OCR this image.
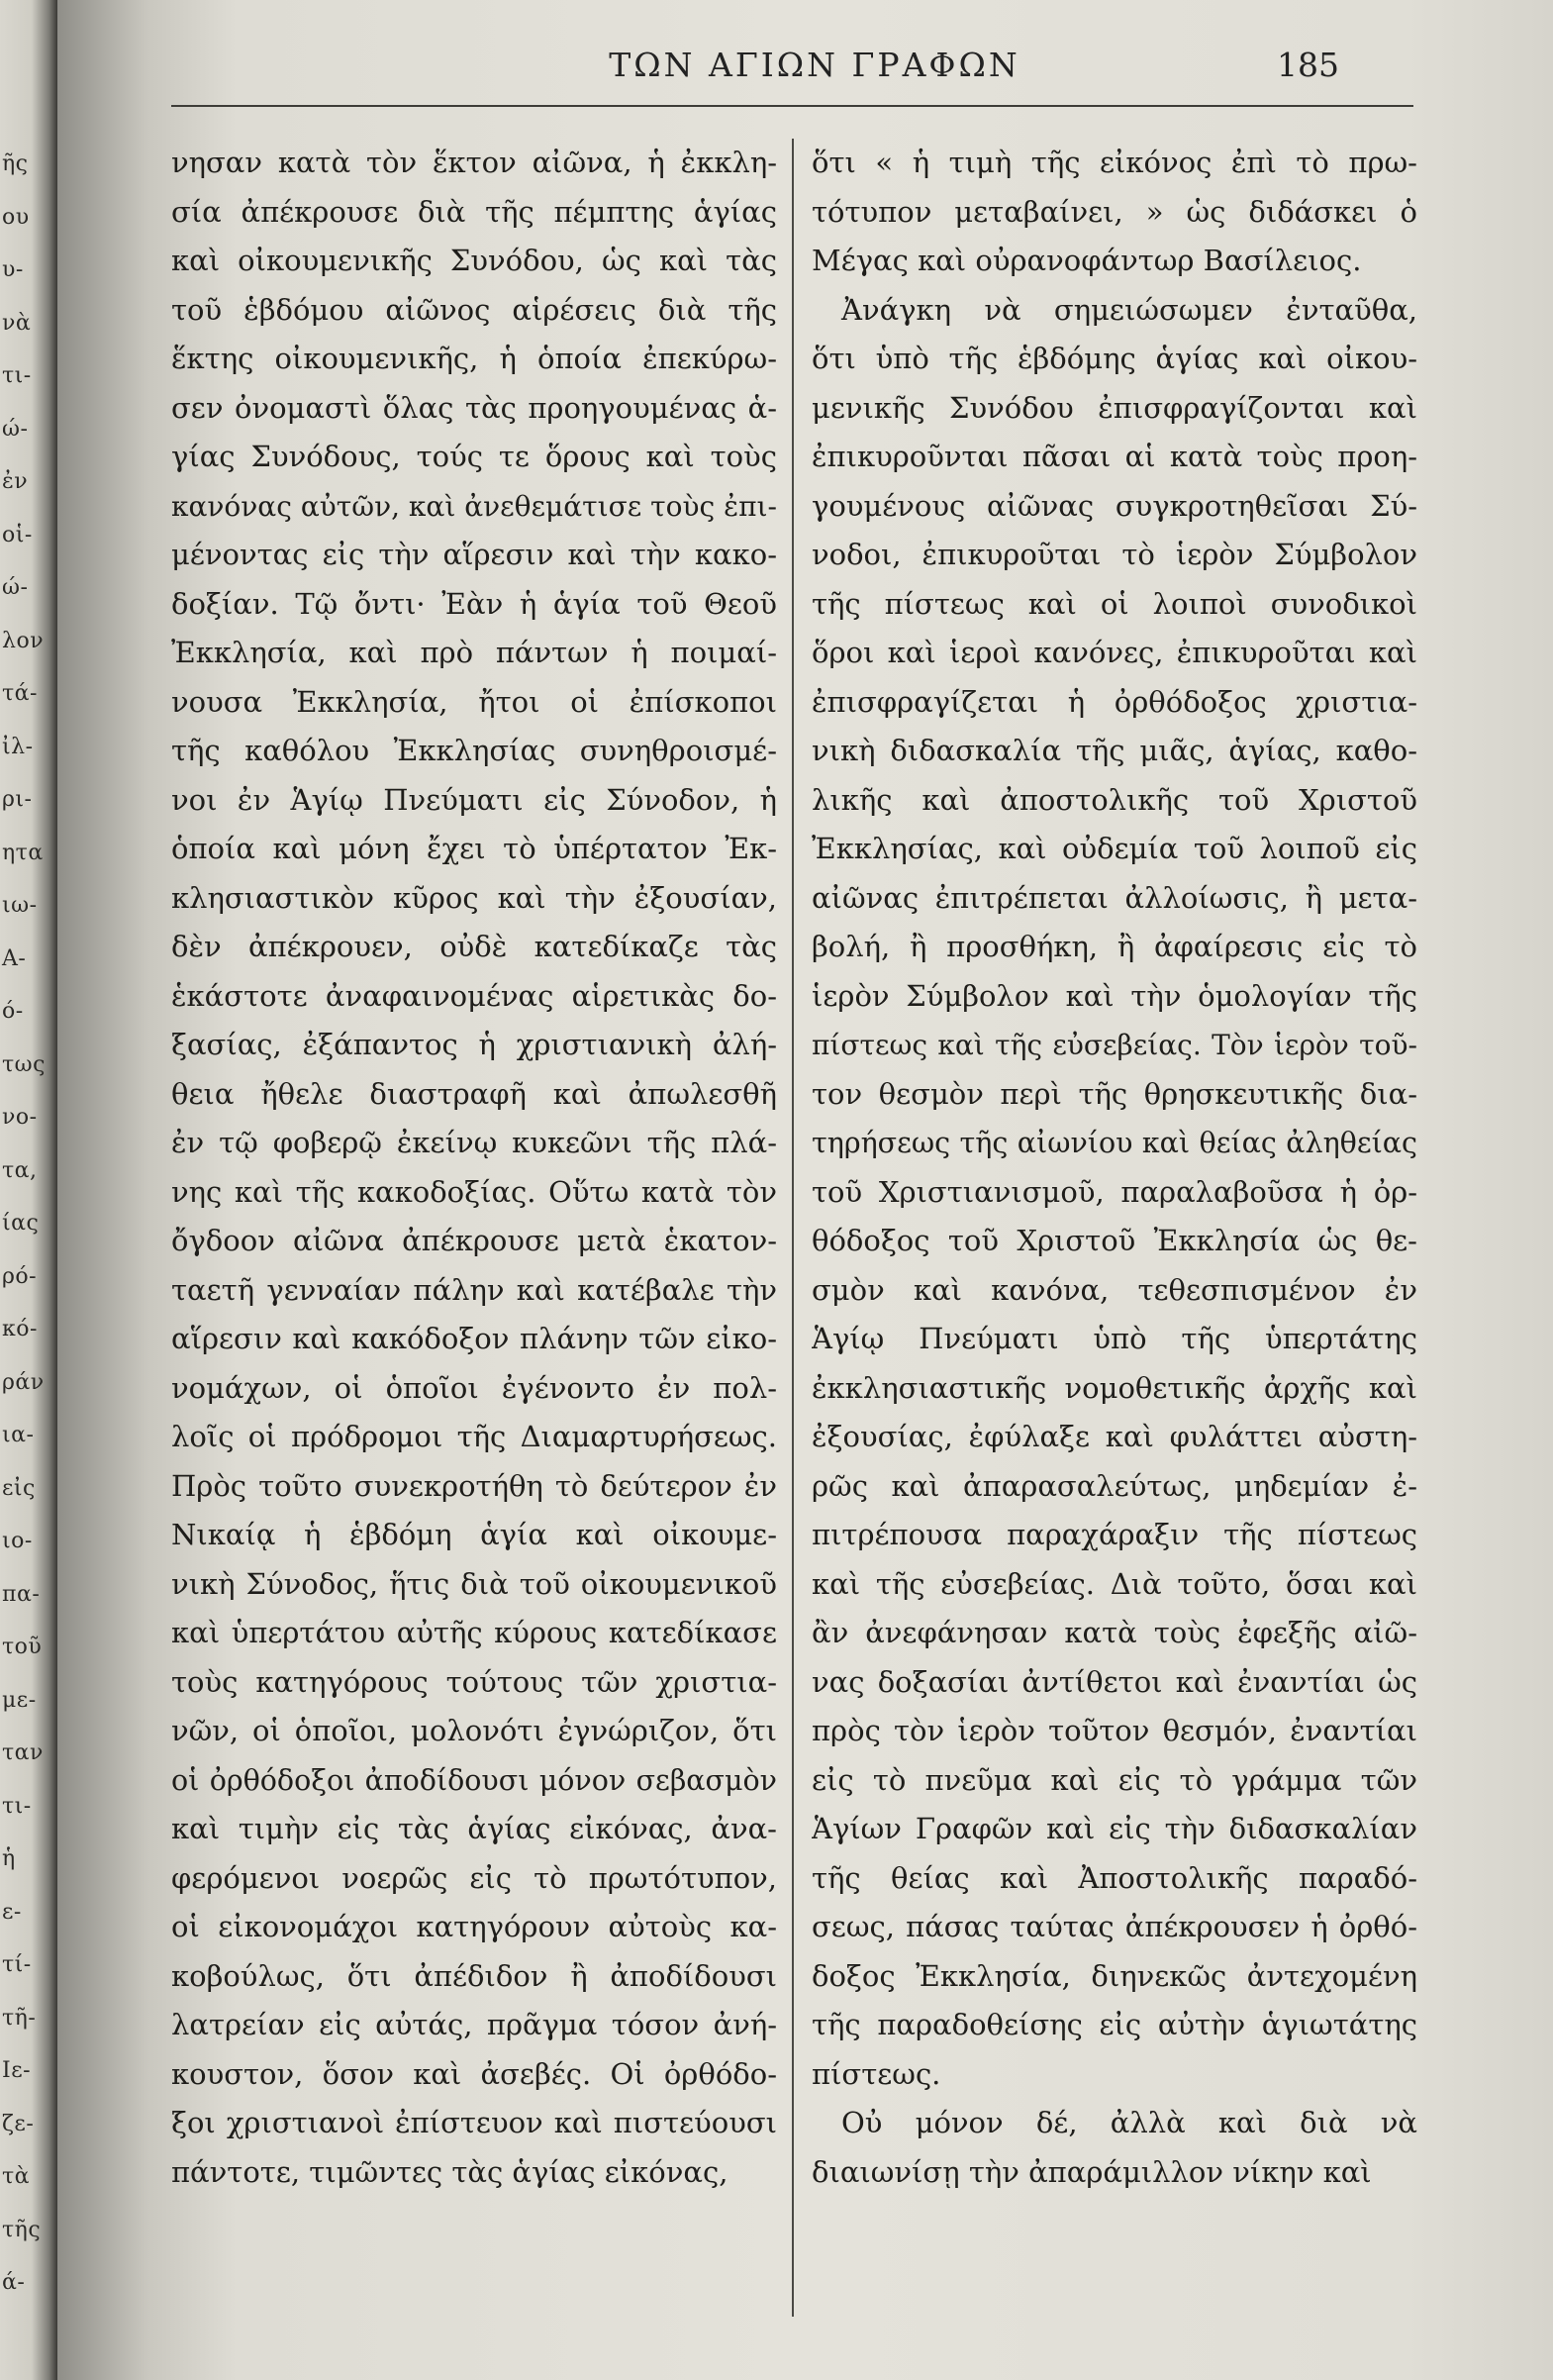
ῆς
ου
υ-
νὰ
τι-
ώ-
ἐν
οἱ-
ώ-
λον
τά-
ἰλ-
ρι-
ητα
ιω-
Α-
ό-
τως
νο-
τα,
ίας
ρό-
κό-
ράν
ια-
εἰς
ιο-
πα-
τοῦ
με-
ταν
τι-
ἡ
ε-
τί-
τῆ-
Ιε-
ζε-
τὰ
τῆς
ά-
ΤΩΝ ΑΓΙΩΝ ΓΡΑΦΩΝ	185
νησαν κατὰ τὸν ἕκτον αἰῶνα, ἡ ἐκκλη-
σία ἀπέκρουσε διὰ τῆς πέμπτης ἁγίας
καὶ οἰκουμενικῆς Συνόδου, ὡς καὶ τὰς
τοῦ ἑβδόμου αἰῶνος αἱρέσεις διὰ τῆς
ἕκτης οἰκουμενικῆς, ἡ ὁποία ἐπεκύρω-
σεν ὀνομαστὶ ὅλας τὰς προηγουμένας ἁ-
γίας Συνόδους, τούς τε ὅρους καὶ τοὺς
κανόνας αὐτῶν, καὶ ἀνεθεμάτισε τοὺς ἐπι-
μένοντας εἰς τὴν αἵρεσιν καὶ τὴν κακο-
δοξίαν. Τῷ ὄντι· Ἐὰν ἡ ἁγία τοῦ Θεοῦ
Ἐκκλησία, καὶ πρὸ πάντων ἡ ποιμαί-
νουσα Ἐκκλησία, ἤτοι οἱ ἐπίσκοποι
τῆς καθόλου Ἐκκλησίας συνηθροισμέ-
νοι ἐν Ἁγίῳ Πνεύματι εἰς Σύνοδον, ἡ
ὁποία καὶ μόνη ἔχει τὸ ὑπέρτατον Ἐκ-
κλησιαστικὸν κῦρος καὶ τὴν ἐξουσίαν,
δὲν ἀπέκρουεν, οὐδὲ κατεδίκαζε τὰς
ἑκάστοτε ἀναφαινομένας αἱρετικὰς δο-
ξασίας, ἐξάπαντος ἡ χριστιανικὴ ἀλή-
θεια ἤθελε διαστραφῆ καὶ ἀπωλεσθῆ
ἐν τῷ φοβερῷ ἐκείνῳ κυκεῶνι τῆς πλά-
νης καὶ τῆς κακοδοξίας. Οὕτω κατὰ τὸν
ὄγδοον αἰῶνα ἀπέκρουσε μετὰ ἑκατον-
ταετῆ γενναίαν πάλην καὶ κατέβαλε τὴν
αἵρεσιν καὶ κακόδοξον πλάνην τῶν εἰκο-
νομάχων, οἱ ὁποῖοι ἐγένοντο ἐν πολ-
λοῖς οἱ πρόδρομοι τῆς Διαμαρτυρήσεως.
Πρὸς τοῦτο συνεκροτήθη τὸ δεύτερον ἐν
Νικαίᾳ ἡ ἑβδόμη ἁγία καὶ οἰκουμε-
νικὴ Σύνοδος, ἥτις διὰ τοῦ οἰκουμενικοῦ
καὶ ὑπερτάτου αὐτῆς κύρους κατεδίκασε
τοὺς κατηγόρους τούτους τῶν χριστια-
νῶν, οἱ ὁποῖοι, μολονότι ἐγνώριζον, ὅτι
οἱ ὀρθόδοξοι ἀποδίδουσι μόνον σεβασμὸν
καὶ τιμὴν εἰς τὰς ἁγίας εἰκόνας, ἀνα-
φερόμενοι νοερῶς εἰς τὸ πρωτότυπον,
οἱ εἰκονομάχοι κατηγόρουν αὐτοὺς κα-
κοβούλως, ὅτι ἀπέδιδον ἢ ἀποδίδουσι
λατρείαν εἰς αὐτάς, πρᾶγμα τόσον ἀνή-
κουστον, ὅσον καὶ ἀσεβές. Οἱ ὀρθόδο-
ξοι χριστιανοὶ ἐπίστευον καὶ πιστεύουσι
πάντοτε, τιμῶντες τὰς ἁγίας εἰκόνας,
ὅτι « ἡ τιμὴ τῆς εἰκόνος ἐπὶ τὸ πρω-
τότυπον μεταβαίνει, » ὡς διδάσκει ὁ
Μέγας καὶ οὐρανοφάντωρ Βασίλειος.
Ἀνάγκη νὰ σημειώσωμεν ἐνταῦθα,
ὅτι ὑπὸ τῆς ἑβδόμης ἁγίας καὶ οἰκου-
μενικῆς Συνόδου ἐπισφραγίζονται καὶ
ἐπικυροῦνται πᾶσαι αἱ κατὰ τοὺς προη-
γουμένους αἰῶνας συγκροτηθεῖσαι Σύ-
νοδοι, ἐπικυροῦται τὸ ἱερὸν Σύμβολον
τῆς πίστεως καὶ οἱ λοιποὶ συνοδικοὶ
ὅροι καὶ ἱεροὶ κανόνες, ἐπικυροῦται καὶ
ἐπισφραγίζεται ἡ ὀρθόδοξος χριστια-
νικὴ διδασκαλία τῆς μιᾶς, ἁγίας, καθο-
λικῆς καὶ ἀποστολικῆς τοῦ Χριστοῦ
Ἐκκλησίας, καὶ οὐδεμία τοῦ λοιποῦ εἰς
αἰῶνας ἐπιτρέπεται ἀλλοίωσις, ἢ μετα-
βολή, ἢ προσθήκη, ἢ ἀφαίρεσις εἰς τὸ
ἱερὸν Σύμβολον καὶ τὴν ὁμολογίαν τῆς
πίστεως καὶ τῆς εὐσεβείας. Τὸν ἱερὸν τοῦ-
τον θεσμὸν περὶ τῆς θρησκευτικῆς δια-
τηρήσεως τῆς αἰωνίου καὶ θείας ἀληθείας
τοῦ Χριστιανισμοῦ, παραλαβοῦσα ἡ ὀρ-
θόδοξος τοῦ Χριστοῦ Ἐκκλησία ὡς θε-
σμὸν καὶ κανόνα, τεθεσπισμένον ἐν
Ἁγίῳ Πνεύματι ὑπὸ τῆς ὑπερτάτης
ἐκκλησιαστικῆς νομοθετικῆς ἀρχῆς καὶ
ἐξουσίας, ἐφύλαξε καὶ φυλάττει αὐστη-
ρῶς καὶ ἀπαρασαλεύτως, μηδεμίαν ἐ-
πιτρέπουσα παραχάραξιν τῆς πίστεως
καὶ τῆς εὐσεβείας. Διὰ τοῦτο, ὅσαι καὶ
ἂν ἀνεφάνησαν κατὰ τοὺς ἐφεξῆς αἰῶ-
νας δοξασίαι ἀντίθετοι καὶ ἐναντίαι ὡς
πρὸς τὸν ἱερὸν τοῦτον θεσμόν, ἐναντίαι
εἰς τὸ πνεῦμα καὶ εἰς τὸ γράμμα τῶν
Ἁγίων Γραφῶν καὶ εἰς τὴν διδασκαλίαν
τῆς θείας καὶ Ἀποστολικῆς παραδό-
σεως, πάσας ταύτας ἀπέκρουσεν ἡ ὀρθό-
δοξος Ἐκκλησία, διηνεκῶς ἀντεχομένη
τῆς παραδοθείσης εἰς αὐτὴν ἁγιωτάτης
πίστεως.
Οὐ μόνον δέ, ἀλλὰ καὶ διὰ νὰ
διαιωνίσῃ τὴν ἀπαράμιλλον νίκην καὶ
